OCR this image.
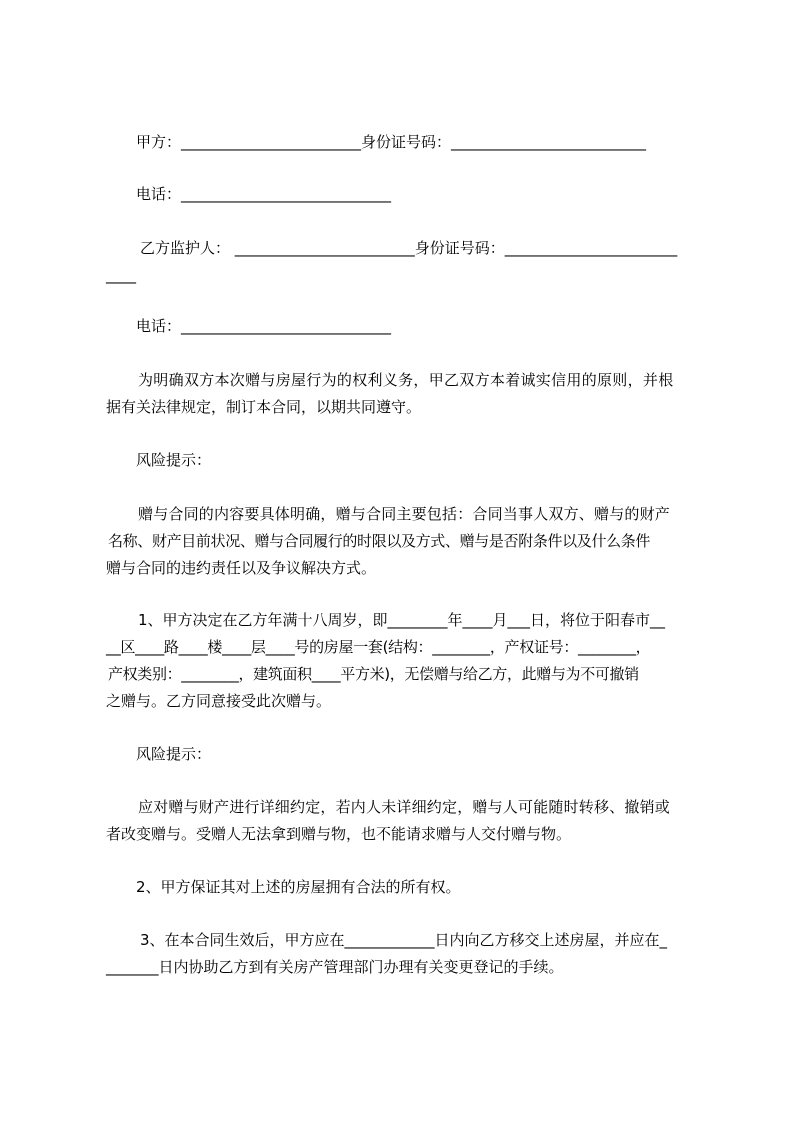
甲方：________________________身份证号码：__________________________
电话：____________________________
乙方监护人： ________________________身份证号码：_______________________
____
电话：____________________________
为明确双方本次赠与房屋行为的权利义务，甲乙双方本着诚实信用的原则，并根
据有关法律规定，制订本合同，以期共同遵守。
风险提示：
赠与合同的内容要具体明确，赠与合同主要包括：合同当事人双方、赠与的财产
名称、财产目前状况、赠与合同履行的时限以及方式、赠与是否附条件以及什么条件
赠与合同的违约责任以及争议解决方式。
1、甲方决定在乙方年满十八周岁，即________年____月___日，将位于阳春市__
__区____路____楼____层____号的房屋一套(结构：________，产权证号：________，
产权类别：________，建筑面积____平方米)，无偿赠与给乙方，此赠与为不可撤销
之赠与。乙方同意接受此次赠与。
风险提示：
应对赠与财产进行详细约定，若内人未详细约定，赠与人可能随时转移、撤销或
者改变赠与。受赠人无法拿到赠与物，也不能请求赠与人交付赠与物。
2、甲方保证其对上述的房屋拥有合法的所有权。
3、在本合同生效后，甲方应在____________日内向乙方移交上述房屋，并应在_
_______日内协助乙方到有关房产管理部门办理有关变更登记的手续。
